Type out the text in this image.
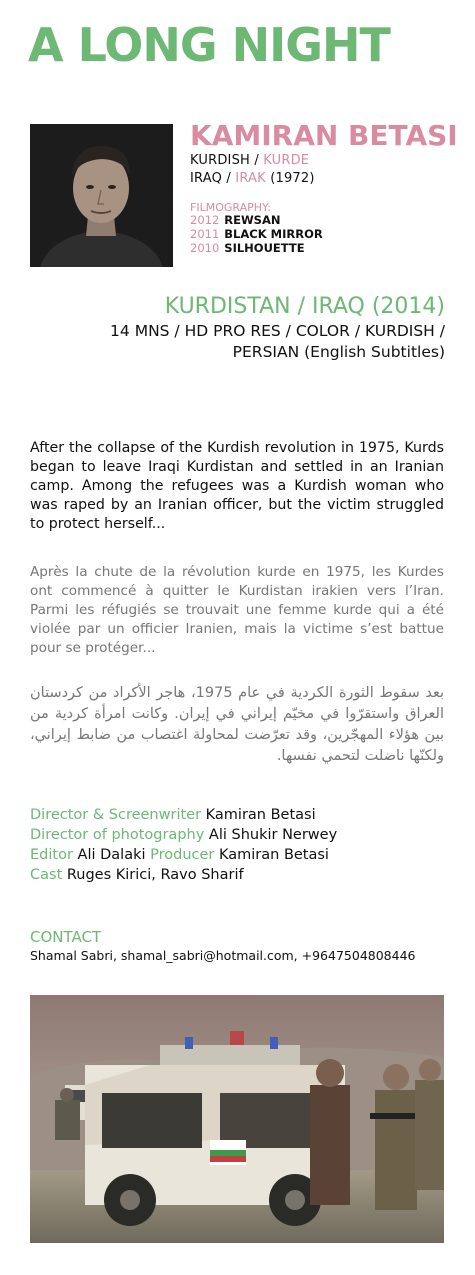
A LONG NIGHT
KAMIRAN BETASI
KURDISH / KURDE
IRAQ / IRAK (1972)
FILMOGRAPHY:
2012 REWSAN
2011 BLACK MIRROR
2010 SILHOUETTE
KURDISTAN / IRAQ (2014)
14 MNS / HD PRO RES / COLOR / KURDISH /
PERSIAN (English Subtitles)

After the collapse of the Kurdish revolution in 1975, Kurds began to leave Iraqi Kurdistan and settled in an Iranian camp. Among the refugees was a Kurdish woman who was raped by an Iranian officer, but the victim struggled to protect herself...

Après la chute de la révolution kurde en 1975, les Kurdes ont commencé à quitter le Kurdistan irakien vers l’Iran. Parmi les réfugiés se trouvait une femme kurde qui a été violée par un officier Iranien, mais la victime s’est battue pour se protéger...

بعد سقوط الثورة الكردية في عام 1975، هاجر الأكراد من كردستان العراق واستقرّوا في مخيّم إيراني في إيران. وكانت امرأة كردية من بين هؤلاء المهجّرين، وقد تعرّضت لمحاولة اغتصاب من ضابط إيراني، ولكنّها ناضلت لتحمي نفسها.

Director & Screenwriter Kamiran Betasi
Director of photography Ali Shukir Nerwey
Editor Ali Dalaki Producer Kamiran Betasi
Cast Ruges Kirici, Ravo Sharif
CONTACT
Shamal Sabri, shamal_sabri@hotmail.com, +9647504808446
